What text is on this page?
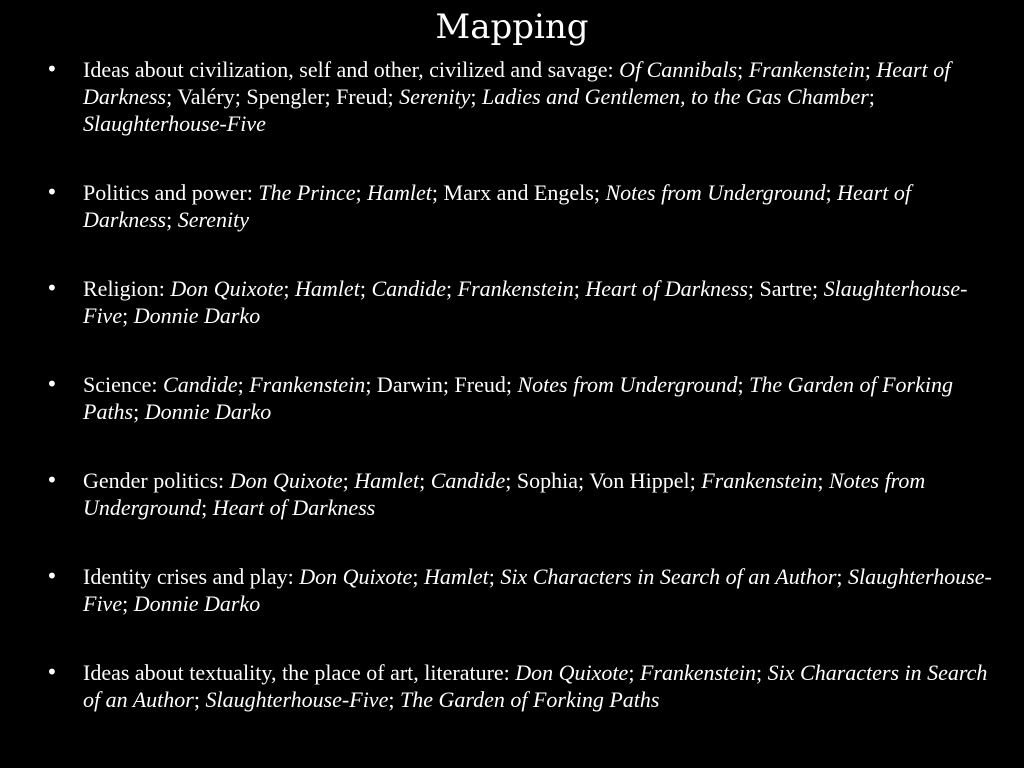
Mapping
• Ideas about civilization, self and other, civilized and savage: Of Cannibals; Frankenstein; Heart of Darkness; Valéry; Spengler; Freud; Serenity; Ladies and Gentlemen, to the Gas Chamber; Slaughterhouse-Five
• Politics and power: The Prince; Hamlet; Marx and Engels; Notes from Underground; Heart of Darkness; Serenity
• Religion: Don Quixote; Hamlet; Candide; Frankenstein; Heart of Darkness; Sartre; Slaughterhouse-Five; Donnie Darko
• Science: Candide; Frankenstein; Darwin; Freud; Notes from Underground; The Garden of Forking Paths; Donnie Darko
• Gender politics: Don Quixote; Hamlet; Candide; Sophia; Von Hippel; Frankenstein; Notes from Underground; Heart of Darkness
• Identity crises and play: Don Quixote; Hamlet; Six Characters in Search of an Author; Slaughterhouse-Five; Donnie Darko
• Ideas about textuality, the place of art, literature: Don Quixote; Frankenstein; Six Characters in Search of an Author; Slaughterhouse-Five; The Garden of Forking Paths
